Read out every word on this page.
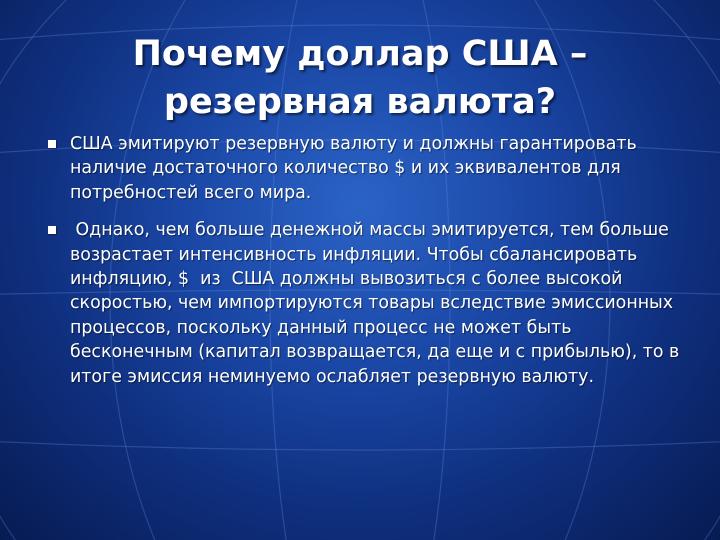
Почему доллар США –
резервная валюта?
США эмитируют резервную валюту и должны гарантировать наличие достаточного количество $ и их эквивалентов для потребностей всего мира.
Однако, чем больше денежной массы эмитируется, тем больше возрастает интенсивность инфляции. Чтобы сбалансировать инфляцию, $  из  США должны вывозиться с более высокой скоростью, чем импортируются товары вследствие эмиссионных процессов, поскольку данный процесс не может быть бесконечным (капитал возвращается, да еще и с прибылью), то в итоге эмиссия неминуемо ослабляет резервную валюту.
